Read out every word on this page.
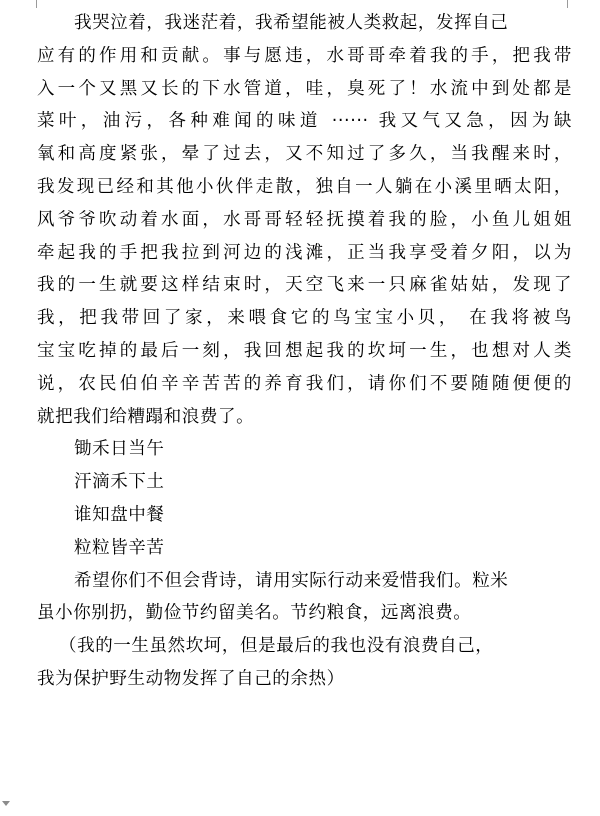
我哭泣着，我迷茫着，我希望能被人类救起，发挥自己
应有的作用和贡献。事与愿违，水哥哥牵着我的手，把我带
入一个又黑又长的下水管道，哇，臭死了！水流中到处都是
菜叶，油污，各种难闻的味道 ······ 我又气又急，因为缺
氧和高度紧张，晕了过去，又不知过了多久，当我醒来时，
我发现已经和其他小伙伴走散，独自一人躺在小溪里晒太阳，
风爷爷吹动着水面，水哥哥轻轻抚摸着我的脸，小鱼儿姐姐
牵起我的手把我拉到河边的浅滩，正当我享受着夕阳，以为
我的一生就要这样结束时，天空飞来一只麻雀姑姑，发现了
我，把我带回了家，来喂食它的鸟宝宝小贝， 在我将被鸟
宝宝吃掉的最后一刻，我回想起我的坎坷一生，也想对人类
说，农民伯伯辛辛苦苦的养育我们，请你们不要随随便便的
就把我们给糟蹋和浪费了。
锄禾日当午
汗滴禾下土
谁知盘中餐
粒粒皆辛苦
希望你们不但会背诗，请用实际行动来爱惜我们。粒米
虽小你别扔，勤俭节约留美名。节约粮食，远离浪费。
（我的一生虽然坎坷，但是最后的我也没有浪费自己，
我为保护野生动物发挥了自己的余热）
